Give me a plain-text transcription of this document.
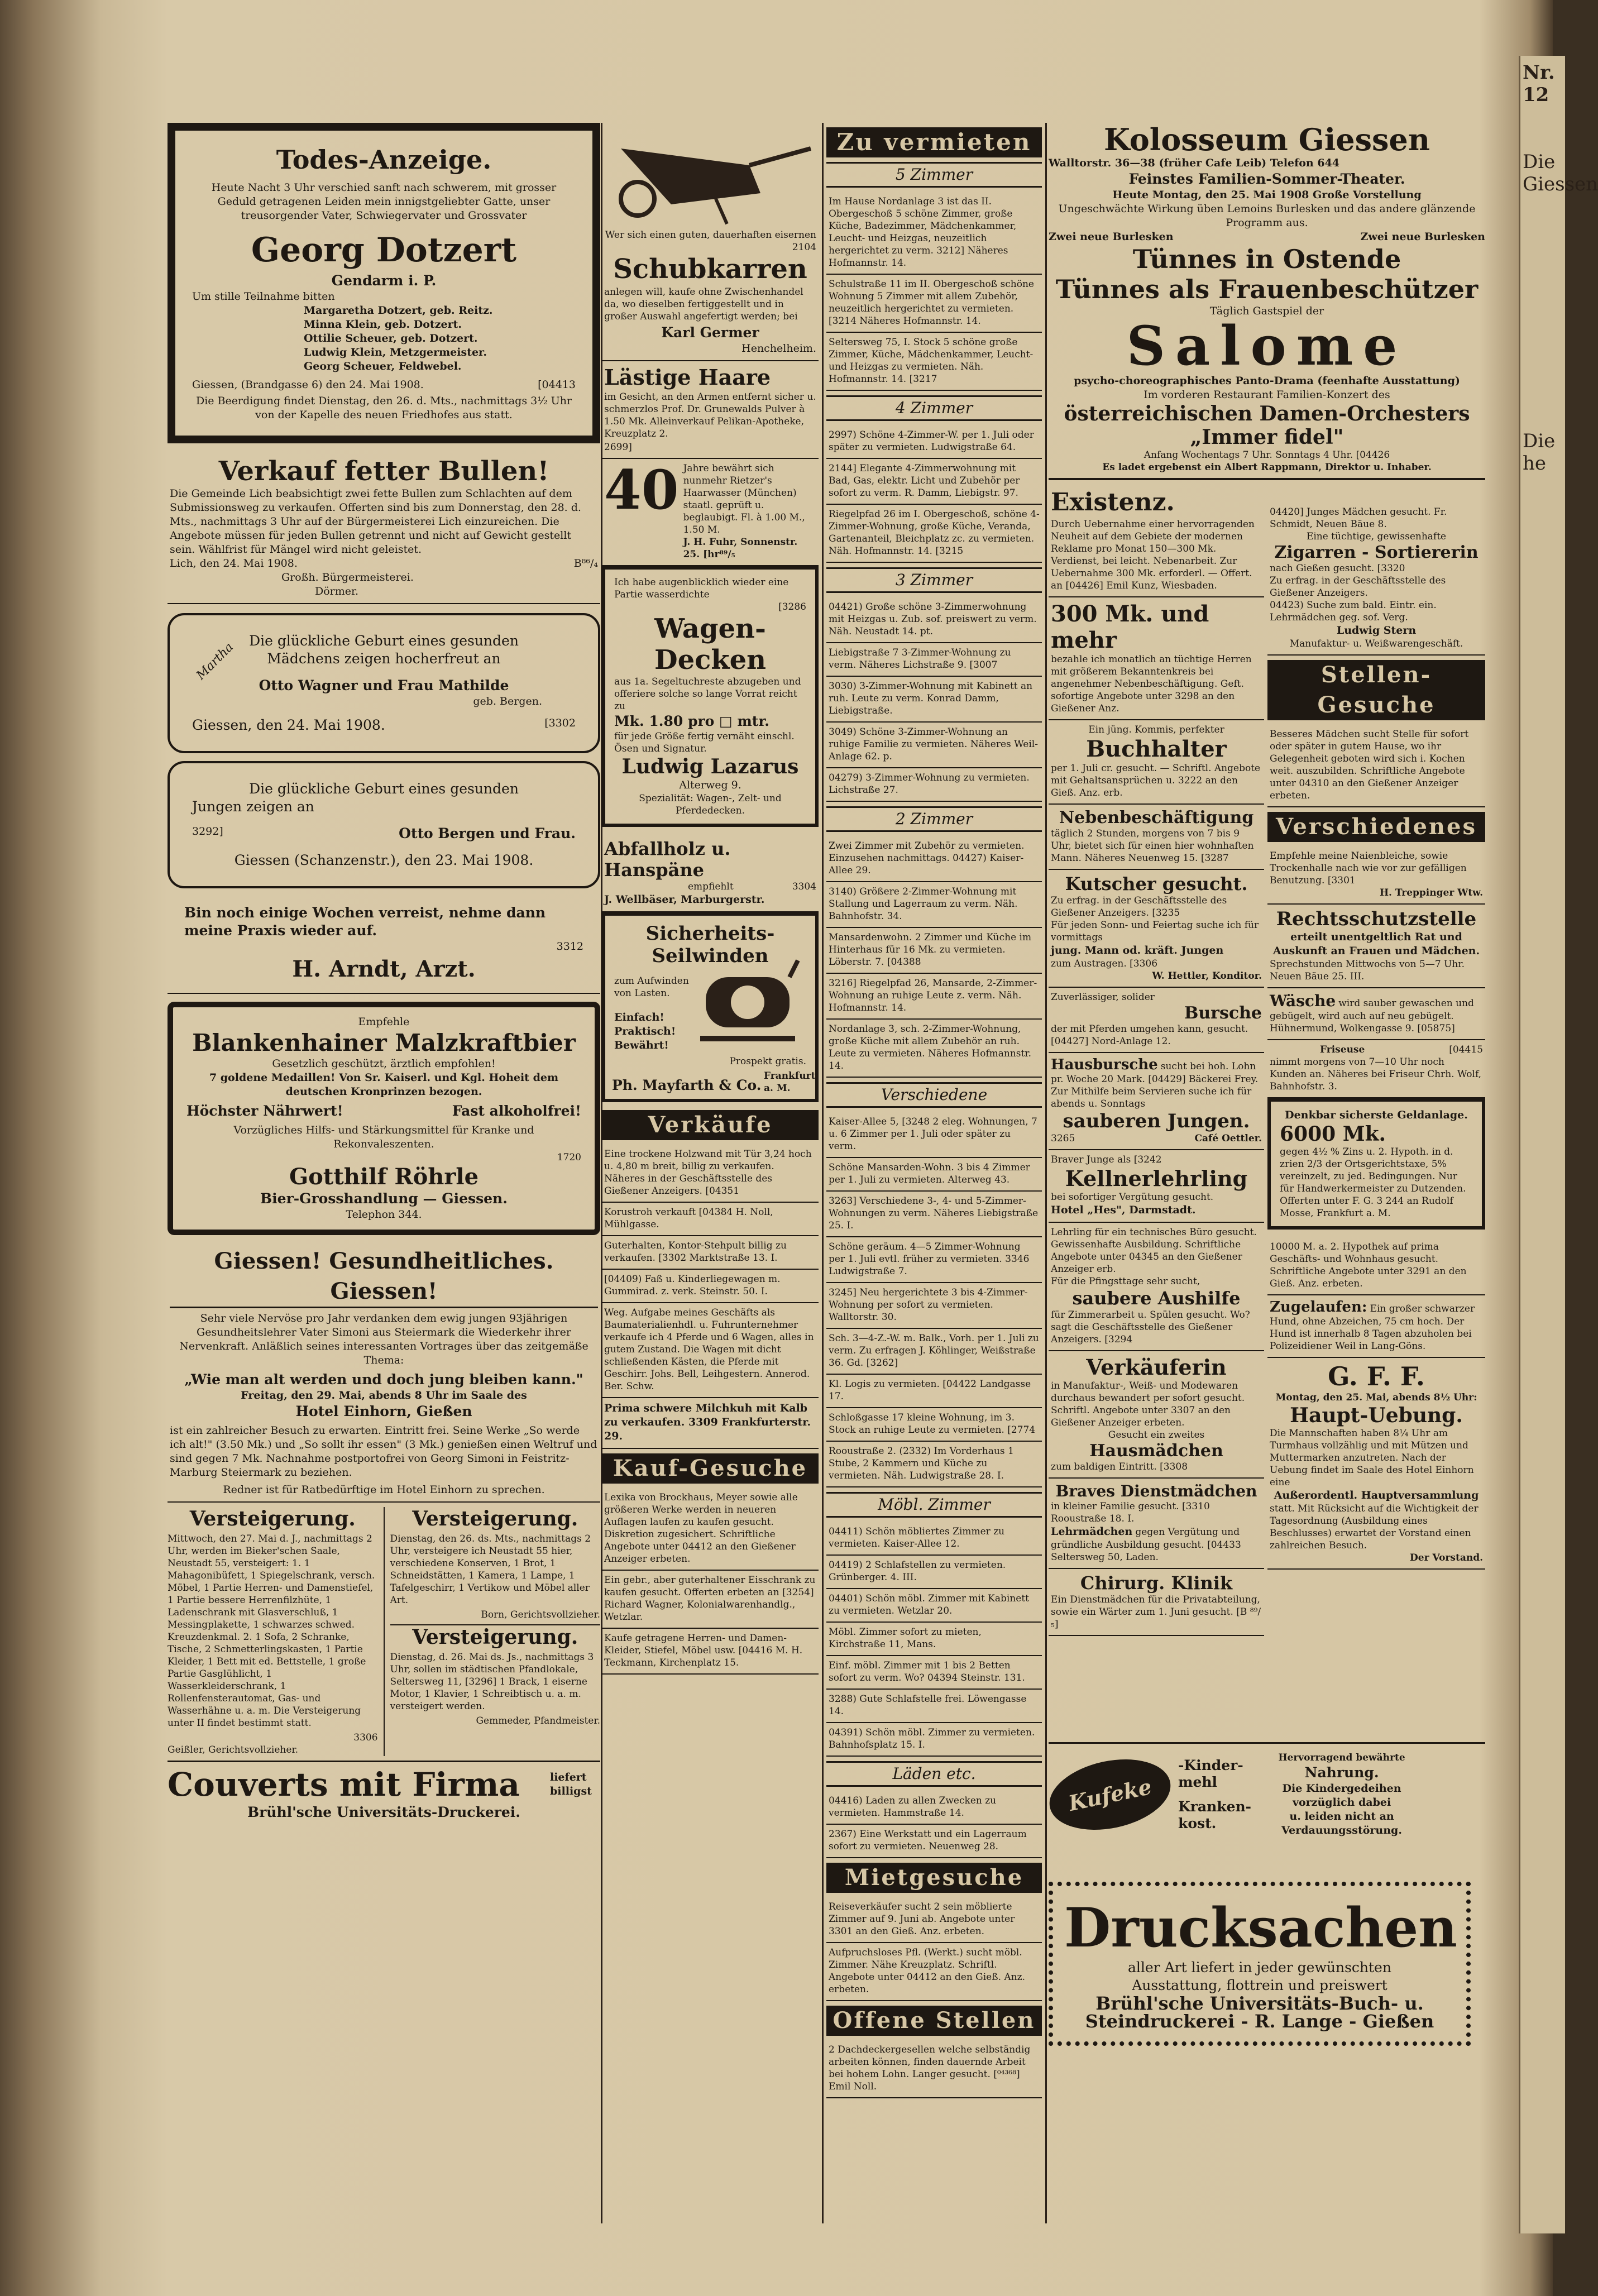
Nr. 12
Die Giessen
Die he
Todes-Anzeige.

Heute Nacht 3 Uhr verschied sanft nach schwerem, mit grosser Geduld getragenen Leiden mein innigstgeliebter Gatte, unser treusorgender Vater, Schwiegervater und Grossvater

Georg Dotzert
Gendarm i. P.
Um stille Teilnahme bitten
Margaretha Dotzert, geb. Reitz.
Minna Klein, geb. Dotzert.
Ottilie Scheuer, geb. Dotzert.
Ludwig Klein, Metzgermeister.
Georg Scheuer, Feldwebel.
Giessen, (Brandgasse 6) den 24. Mai 1908.	[04413

Die Beerdigung findet Dienstag, den 26. d. Mts., nachmittags 3½ Uhr von der Kapelle des neuen Friedhofes aus statt.

Verkauf fetter Bullen!

Die Gemeinde Lich beabsichtigt zwei fette Bullen zum Schlachten auf dem Submissionsweg zu verkaufen. Offerten sind bis zum Donnerstag, den 28. d. Mts., nachmittags 3 Uhr auf der Bürgermeisterei Lich einzureichen. Die Angebote müssen für jeden Bullen getrennt und nicht auf Gewicht gestellt sein. Wählfrist für Mängel wird nicht geleistet.

Lich, den 24. Mai 1908.	B⁸⁶/₄
Großh. Bürgermeisterei.
Dörmer.
Martha Die glückliche Geburt eines gesunden
Mädchens zeigen hocherfreut an
Otto Wagner und Frau Mathilde
geb. Bergen.
Giessen, den 24. Mai 1908.	[3302
Die glückliche Geburt eines gesunden
Jungen zeigen an
3292]	Otto Bergen und Frau.
Giessen (Schanzenstr.), den 23. Mai 1908.
Bin noch einige Wochen verreist, nehme dann meine Praxis wieder auf.
3312
H. Arndt, Arzt.
Empfehle
Blankenhainer Malzkraftbier
Gesetzlich geschützt, ärztlich empfohlen!
7 goldene Medaillen! Von Sr. Kaiserl. und Kgl. Hoheit dem deutschen Kronprinzen bezogen.
Höchster Nährwert!	Fast alkoholfrei!
Vorzügliches Hilfs- und Stärkungsmittel für Kranke und Rekonvaleszenten.
1720
Gotthilf Röhrle
Bier-Grosshandlung — Giessen.
Telephon 344.
Giessen! Gesundheitliches. Giessen!

Sehr viele Nervöse pro Jahr verdanken dem ewig jungen 93jährigen Gesundheitslehrer Vater Simoni aus Steiermark die Wiederkehr ihrer Nervenkraft. Anläßlich seines interessanten Vortrages über das zeitgemäße Thema:

„Wie man alt werden und doch jung bleiben kann."
Freitag, den 29. Mai, abends 8 Uhr im Saale des
Hotel Einhorn, Gießen

ist ein zahlreicher Besuch zu erwarten. Eintritt frei. Seine Werke „So werde ich alt!" (3.50 Mk.) und „So sollt ihr essen" (3 Mk.) genießen einen Weltruf und sind gegen 7 Mk. Nachnahme postportofrei von Georg Simoni in Feistritz-Marburg Steiermark zu beziehen.

Redner ist für Ratbedürftige im Hotel Einhorn zu sprechen.
Versteigerung.

Mittwoch, den 27. Mai d. J., nachmittags 2 Uhr, werden im Bieker'schen Saale, Neustadt 55, versteigert: 1. 1 Mahagonibüfett, 1 Spiegelschrank, versch. Möbel, 1 Partie Herren- und Damenstiefel, 1 Partie bessere Herrenfilzhüte, 1 Ladenschrank mit Glasverschluß, 1 Messingplakette, 1 schwarzes schwed. Kreuzdenkmal. 2. 1 Sofa, 2 Schranke, Tische, 2 Schmetterlingskasten, 1 Partie Kleider, 1 Bett mit ed. Bettstelle, 1 große Partie Gasglühlicht, 1 Wasserkleiderschrank, 1 Rollenfensterautomat, Gas- und Wasserhähne u. a. m. Die Versteigerung unter II findet bestimmt statt.

3306
Geißler, Gerichtsvollzieher.
Versteigerung.

Dienstag, den 26. ds. Mts., nachmittags 2 Uhr, versteigere ich Neustadt 55 hier, verschiedene Konserven, 1 Brot, 1 Schneidstätten, 1 Kamera, 1 Lampe, 1 Tafelgeschirr, 1 Vertikow und Möbel aller Art.

Born, Gerichtsvollzieher.
Versteigerung.

Dienstag, d. 26. Mai ds. Js., nachmittags 3 Uhr, sollen im städtischen Pfandlokale, Seltersweg 11, [3296] 1 Brack, 1 eiserne Motor, 1 Klavier, 1 Schreibtisch u. a. m. versteigert werden.

Gemmeder, Pfandmeister.
Couverts mit Firma	liefert billigst
Brühl'sche Universitäts-Druckerei.
Wer sich einen guten, dauerhaften eisernen
2104
Schubkarren

anlegen will, kaufe ohne Zwischenhandel da, wo dieselben fertiggestellt und in großer Auswahl angefertigt werden; bei

Karl Germer
Henchelheim.
Lästige Haare

im Gesicht, an den Armen entfernt sicher u. schmerzlos Prof. Dr. Grunewalds Pulver à 1.50 Mk. Alleinverkauf Pelikan-Apotheke, Kreuzplatz 2.

2699]
40 Jahre bewährt sich nunmehr Rietzer's Haarwasser (München) staatl. geprüft u. beglaubigt. Fl. à 1.00 M., 1.50 M.

J. H. Fuhr, Sonnenstr. 25. [hr⁸⁹/₅

Ich habe augenblicklich wieder eine Partie wasserdichte

[3286
Wagen-Decken

aus 1a. Segeltuchreste abzugeben und offeriere solche so lange Vorrat reicht zu

Mk. 1.80 pro □ mtr.

für jede Größe fertig vernäht einschl. Ösen und Signatur.

Ludwig Lazarus
Alterweg 9.
Spezialität: Wagen-, Zelt- und Pferdedecken.
Abfallholz u. Hanspäne
empfiehlt	3304
J. Wellbäser, Marburgerstr.
Sicherheits-Seilwinden
zum Aufwinden von Lasten.
Einfach!
Praktisch!
Bewährt!
Prospekt gratis.
Ph. Mayfarth & Co.
Frankfurt a. M.
Verkäufe
Eine trockene Holzwand mit Tür 3,24 hoch u. 4,80 m breit, billig zu verkaufen. Näheres in der Geschäftsstelle des Gießener Anzeigers. [04351
Korustroh verkauft [04384 H. Noll, Mühlgasse.
Guterhalten, Kontor-Stehpult billig zu verkaufen. [3302 Marktstraße 13. I.
[04409) Faß u. Kinderliegewagen m. Gummirad. z. verk. Steinstr. 50. I.
Weg. Aufgabe meines Geschäfts als Baumaterialienhdl. u. Fuhrunternehmer verkaufe ich 4 Pferde und 6 Wagen, alles in gutem Zustand. Die Wagen mit dicht schließenden Kästen, die Pferde mit Geschirr. Johs. Bell, Leihgestern. Annerod. Ber. Schw.
Prima schwere Milchkuh mit Kalb zu verkaufen. 3309 Frankfurterstr. 29.
Kauf-Gesuche
Lexika von Brockhaus, Meyer sowie alle größeren Werke werden in neueren Auflagen laufen zu kaufen gesucht. Diskretion zugesichert. Schriftliche Angebote unter 04412 an den Gießener Anzeiger erbeten.
Ein gebr., aber guterhaltener Eisschrank zu kaufen gesucht. Offerten erbeten an [3254] Richard Wagner, Kolonialwarenhandlg., Wetzlar.
Kaufe getragene Herren- und Damen-Kleider, Stiefel, Möbel usw. [04416 M. H. Teckmann, Kirchenplatz 15.
Zu vermieten
5 Zimmer
Im Hause Nordanlage 3 ist das II. Obergeschoß 5 schöne Zimmer, große Küche, Badezimmer, Mädchenkammer, Leucht- und Heizgas, neuzeitlich hergerichtet zu verm. 3212] Näheres Hofmannstr. 14.
Schulstraße 11 im II. Obergeschoß schöne Wohnung 5 Zimmer mit allem Zubehör, neuzeitlich hergerichtet zu vermieten. [3214 Näheres Hofmannstr. 14.
Seltersweg 75, I. Stock 5 schöne große Zimmer, Küche, Mädchenkammer, Leucht- und Heizgas zu vermieten. Näh. Hofmannstr. 14. [3217
4 Zimmer
2997) Schöne 4-Zimmer-W. per 1. Juli oder später zu vermieten. Ludwigstraße 64.
2144] Elegante 4-Zimmerwohnung mit Bad, Gas, elektr. Licht und Zubehör per sofort zu verm. R. Damm, Liebigstr. 97.
Riegelpfad 26 im I. Obergeschoß, schöne 4-Zimmer-Wohnung, große Küche, Veranda, Gartenanteil, Bleichplatz zc. zu vermieten. Näh. Hofmannstr. 14. [3215
3 Zimmer
04421) Große schöne 3-Zimmerwohnung mit Heizgas u. Zub. sof. preiswert zu verm. Näh. Neustadt 14. pt.
Liebigstraße 7 3-Zimmer-Wohnung zu verm. Näheres Lichstraße 9. [3007
3030) 3-Zimmer-Wohnung mit Kabinett an ruh. Leute zu verm. Konrad Damm, Liebigstraße.
3049) Schöne 3-Zimmer-Wohnung an ruhige Familie zu vermieten. Näheres Weil-Anlage 62. p.
04279) 3-Zimmer-Wohnung zu vermieten. Lichstraße 27.
2 Zimmer
Zwei Zimmer mit Zubehör zu vermieten. Einzusehen nachmittags. 04427) Kaiser-Allee 29.
3140) Größere 2-Zimmer-Wohnung mit Stallung und Lagerraum zu verm. Näh. Bahnhofstr. 34.
Mansardenwohn. 2 Zimmer und Küche im Hinterhaus für 16 Mk. zu vermieten. Löberstr. 7. [04388
3216] Riegelpfad 26, Mansarde, 2-Zimmer-Wohnung an ruhige Leute z. verm. Näh. Hofmannstr. 14.
Nordanlage 3, sch. 2-Zimmer-Wohnung, große Küche mit allem Zubehör an ruh. Leute zu vermieten. Näheres Hofmannstr. 14.
Verschiedene
Kaiser-Allee 5, [3248 2 eleg. Wohnungen, 7 u. 6 Zimmer per 1. Juli oder später zu verm.
Schöne Mansarden-Wohn. 3 bis 4 Zimmer per 1. Juli zu vermieten. Alterweg 43.
3263] Verschiedene 3-, 4- und 5-Zimmer-Wohnungen zu verm. Näheres Liebigstraße 25. I.
Schöne geräum. 4—5 Zimmer-Wohnung per 1. Juli evtl. früher zu vermieten. 3346 Ludwigstraße 7.
3245] Neu hergerichtete 3 bis 4-Zimmer-Wohnung per sofort zu vermieten. Walltorstr. 30.
Sch. 3—4-Z.-W. m. Balk., Vorh. per 1. Juli zu verm. Zu erfragen J. Köhlinger, Weißstraße 36. Gd. [3262]
Kl. Logis zu vermieten. [04422 Landgasse 17.
Schloßgasse 17 kleine Wohnung, im 3. Stock an ruhige Leute zu vermieten. [2774
Rooustraße 2. (2332) Im Vorderhaus 1 Stube, 2 Kammern und Küche zu vermieten. Näh. Ludwigstraße 28. I.
Möbl. Zimmer
04411) Schön möbliertes Zimmer zu vermieten. Kaiser-Allee 12.
04419) 2 Schlafstellen zu vermieten. Grünberger. 4. III.
04401) Schön möbl. Zimmer mit Kabinett zu vermieten. Wetzlar 20.
Möbl. Zimmer sofort zu mieten, Kirchstraße 11, Mans.
Einf. möbl. Zimmer mit 1 bis 2 Betten sofort zu verm. Wo? 04394 Steinstr. 131.
3288) Gute Schlafstelle frei. Löwengasse 14.
04391) Schön möbl. Zimmer zu vermieten. Bahnhofsplatz 15. I.
Läden etc.
04416) Laden zu allen Zwecken zu vermieten. Hammstraße 14.
2367) Eine Werkstatt und ein Lagerraum sofort zu vermieten. Neuenweg 28.
Mietgesuche
Reiseverkäufer sucht 2 sein möblierte Zimmer auf 9. Juni ab. Angebote unter 3301 an den Gieß. Anz. erbeten.
Aufpruchsloses Pfl. (Werkt.) sucht möbl. Zimmer. Nähe Kreuzplatz. Schriftl. Angebote unter 04412 an den Gieß. Anz. erbeten.
Offene Stellen
2 Dachdeckergesellen welche selbständig arbeiten können, finden dauernde Arbeit bei hohem Lohn. Langer gesucht. [⁰⁴³⁶⁸] Emil Noll.
Kolosseum Giessen
Walltorstr. 36—38 (früher Cafe Leib) Telefon 644
Feinstes Familien-Sommer-Theater.
Heute Montag, den 25. Mai 1908 Große Vorstellung
Ungeschwächte Wirkung üben Lemoins Burlesken und das andere glänzende Programm aus.
Zwei neue Burlesken	Zwei neue Burlesken
Tünnes in Ostende
Tünnes als Frauenbeschützer
Täglich Gastspiel der
Salome
psycho-choreographisches Panto-Drama (feenhafte Ausstattung)
Im vorderen Restaurant Familien-Konzert des
österreichischen Damen-Orchesters „Immer fidel"
Anfang Wochentags 7 Uhr. Sonntags 4 Uhr. [04426
Es ladet ergebenst ein Albert Rappmann, Direktor u. Inhaber.
Existenz.

Durch Uebernahme einer hervorragenden Neuheit auf dem Gebiete der modernen Reklame pro Monat 150—300 Mk. Verdienst, bei leicht. Nebenarbeit. Zur Uebernahme 300 Mk. erforderl. — Offert. an [04426] Emil Kunz, Wiesbaden.

300 Mk. und mehr

bezahle ich monatlich an tüchtige Herren mit größerem Bekanntenkreis bei angenehmer Nebenbeschäftigung. Geft. sofortige Angebote unter 3298 an den Gießener Anz.

Ein jüng. Kommis, perfekter
Buchhalter

per 1. Juli cr. gesucht. — Schriftl. Angebote mit Gehaltsansprüchen u. 3222 an den Gieß. Anz. erb.

Nebenbeschäftigung

täglich 2 Stunden, morgens von 7 bis 9 Uhr, bietet sich für einen hier wohnhaften Mann. Näheres Neuenweg 15. [3287

Kutscher gesucht.

Zu erfrag. in der Geschäftsstelle des Gießener Anzeigers. [3235

Für jeden Sonn- und Feiertag suche ich für vormittags

jung. Mann od. kräft. Jungen
zum Austragen. [3306
W. Hettler, Konditor.
Zuverlässiger, solider
Bursche

der mit Pferden umgehen kann, gesucht. [04427] Nord-Anlage 12.

Hausbursche sucht bei hoh. Lohn pr. Woche 20 Mark. [04429] Bäckerei Frey.

Zur Mithilfe beim Servieren suche ich für abends u. Sonntags

sauberen Jungen.
3265	Café Oettler.
Braver Junge als [3242
Kellnerlehrling
bei sofortiger Vergütung gesucht.
Hotel „Hes", Darmstadt.

Lehrling für ein technisches Büro gesucht. Gewissenhafte Ausbildung. Schriftliche Angebote unter 04345 an den Gießener Anzeiger erb.

Für die Pfingsttage sehr sucht,

saubere Aushilfe

für Zimmerarbeit u. Spülen gesucht. Wo? sagt die Geschäftsstelle des Gießener Anzeigers. [3294

Verkäuferin

in Manufaktur-, Weiß- und Modewaren durchaus bewandert per sofort gesucht. Schriftl. Angebote unter 3307 an den Gießener Anzeiger erbeten.

Gesucht ein zweites
Hausmädchen
zum baldigen Eintritt. [3308
Braves Dienstmädchen
in kleiner Familie gesucht. [3310 Rooustraße 18. I.
Lehrmädchen gegen Vergütung und gründliche Ausbildung gesucht. [04433 Seltersweg 50, Laden.
Chirurg. Klinik

Ein Dienstmädchen für die Privatabteilung, sowie ein Wärter zum 1. Juni gesucht. [B ⁸⁹/₅]

Kufeke
-Kinder-
mehl
Kranken-
kost.
Hervorragend bewährte
Nahrung.
Die Kindergedeihen vorzüglich dabei
u. leiden nicht an Verdauungsstörung.
Drucksachen
aller Art liefert in jeder gewünschten
Ausstattung, flottrein und preiswert
Brühl'sche Universitäts-Buch- u.
Steindruckerei - R. Lange - Gießen
04420] Junges Mädchen gesucht. Fr. Schmidt, Neuen Bäue 8.
Eine tüchtige, gewissenhafte
Zigarren - Sortiererin
nach Gießen gesucht. [3320
Zu erfrag. in der Geschäftsstelle des Gießener Anzeigers.
04423) Suche zum bald. Eintr. ein. Lehrmädchen geg. sof. Verg.
Ludwig Stern
Manufaktur- u. Weißwarengeschäft.
Stellen-Gesuche
Besseres Mädchen sucht Stelle für sofort oder später in gutem Hause, wo ihr Gelegenheit geboten wird sich i. Kochen weit. auszubilden. Schriftliche Angebote unter 04310 an den Gießener Anzeiger erbeten.
Verschiedenes
Empfehle meine Naienbleiche, sowie Trockenhalle nach wie vor zur gefälligen Benutzung. [3301
H. Treppinger Wtw.
Rechtsschutzstelle
erteilt unentgeltlich Rat und Auskunft an Frauen und Mädchen.
Sprechstunden Mittwochs von 5—7 Uhr. Neuen Bäue 25. III.
Wäsche wird sauber gewaschen und gebügelt, wird auch auf neu gebügelt. Hühnermund, Wolkengasse 9. [05875]
Friseuse	[04415
nimmt morgens von 7—10 Uhr noch Kunden an. Näheres bei Friseur Chrh. Wolf, Bahnhofstr. 3.
Denkbar sicherste Geldanlage.
6000 Mk.
gegen 4½ % Zins u. 2. Hypoth. in d. zrien 2/3 der Ortsgerichtstaxe, 5% vereinzelt, zu jed. Bedingungen. Nur für Handwerkermeister zu Dutzenden. Offerten unter F. G. 3 244 an Rudolf Mosse, Frankfurt a. M.
10000 M. a. 2. Hypothek auf prima Geschäfts- und Wohnhaus gesucht. Schriftliche Angebote unter 3291 an den Gieß. Anz. erbeten.
Zugelaufen: Ein großer schwarzer Hund, ohne Abzeichen, 75 cm hoch. Der Hund ist innerhalb 8 Tagen abzuholen bei Polizeidiener Weil in Lang-Göns.
G. F. F.
Montag, den 25. Mai, abends 8½ Uhr:
Haupt-Uebung.
Die Mannschaften haben 8¼ Uhr am Turmhaus vollzählig und mit Mützen und Muttermarken anzutreten. Nach der Uebung findet im Saale des Hotel Einhorn eine
Außerordentl. Hauptversammlung
statt. Mit Rücksicht auf die Wichtigkeit der Tagesordnung (Ausbildung eines Beschlusses) erwartet der Vorstand einen zahlreichen Besuch.
Der Vorstand.
